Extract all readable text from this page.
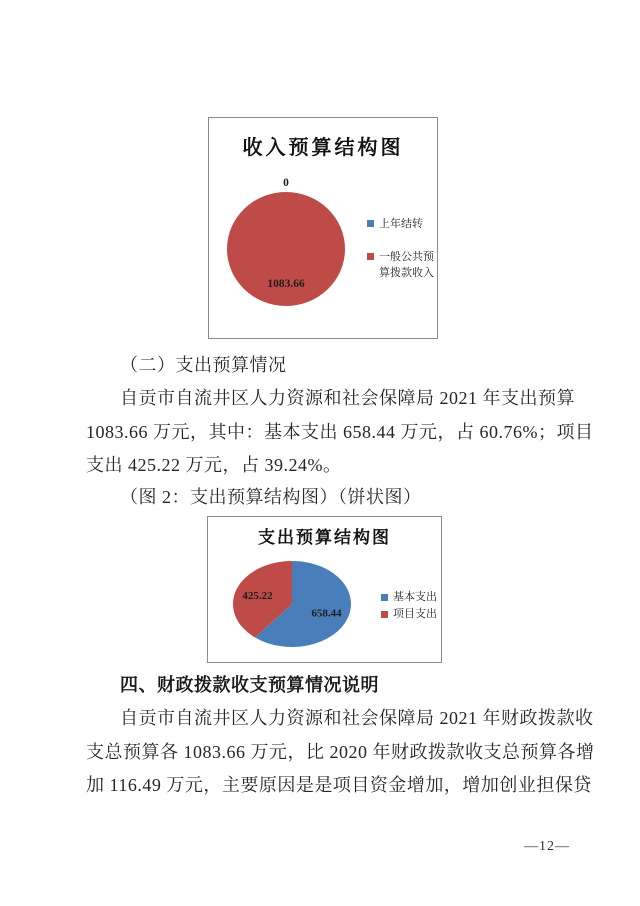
收入预算结构图
0
1083.66
上年结转
一般公共预算拨款收入
（二）支出预算情况
自贡市自流井区人力资源和社会保障局 2021 年支出预算
1083.66 万元，其中：基本支出 658.44 万元，占 60.76%；项目
支出 425.22 万元，占 39.24%。
（图 2：支出预算结构图）（饼状图）
支出预算结构图
658.44
425.22	基本支出
项目支出
四、财政拨款收支预算情况说明
自贡市自流井区人力资源和社会保障局 2021 年财政拨款收
支总预算各 1083.66 万元，比 2020 年财政拨款收支总预算各增
加 116.49 万元，主要原因是是项目资金增加，增加创业担保贷
—12—
